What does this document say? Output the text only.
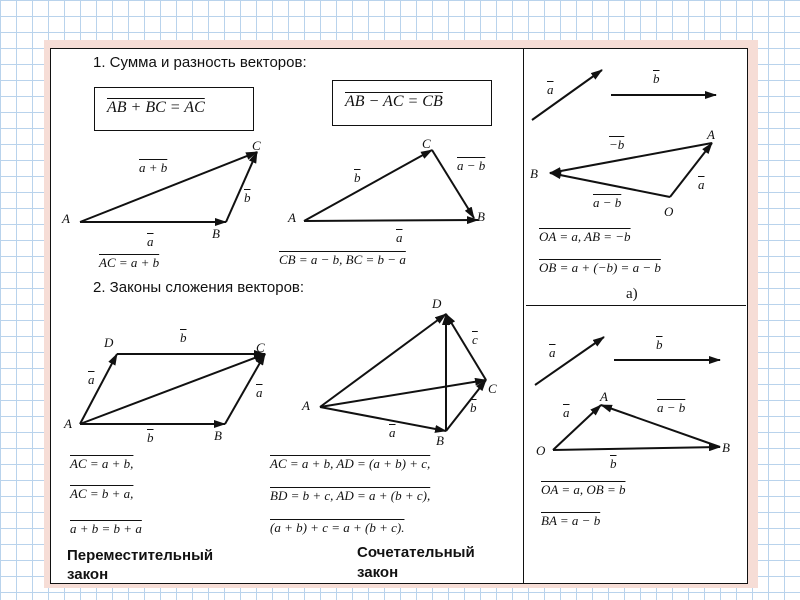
1. Сумма и разность векторов:
2. Законы сложения векторов:
AB + BC = AC	AB − AC = CB
A
B
C
a + b
$\overline{b}$
$\overline{a}$
AC = a + b
A	B
C
$\overline{b}$
a − b
$\overline{a}$
CB = a − b, BC = b − a
D	C
A
B
$\overline{b}$
$\overline{a}$
$\overline{a}$
$\overline{b}$
AC = a + b,
AC = b + a,
a + b = b + a
D
C
A
B
$\overline{a}$
$\overline{b}$
$\overline{c}$
AC = a + b, AD = (a + b) + c,
BD = b + c, AD = a + (b + c),
(a + b) + c = a + (b + c).
Переместительный
закон
Сочетательный
закон
$\overline{a}$
$\overline{b}$
A
B
O
−b
$\overline{a}$
a − b
OA = a, AB = −b
OB = a + (−b) = a − b
а)
$\overline{a}$
$\overline{b}$
A
O	B
$\overline{a}$	a − b
$\overline{b}$
OA = a, OB = b
BA = a − b
